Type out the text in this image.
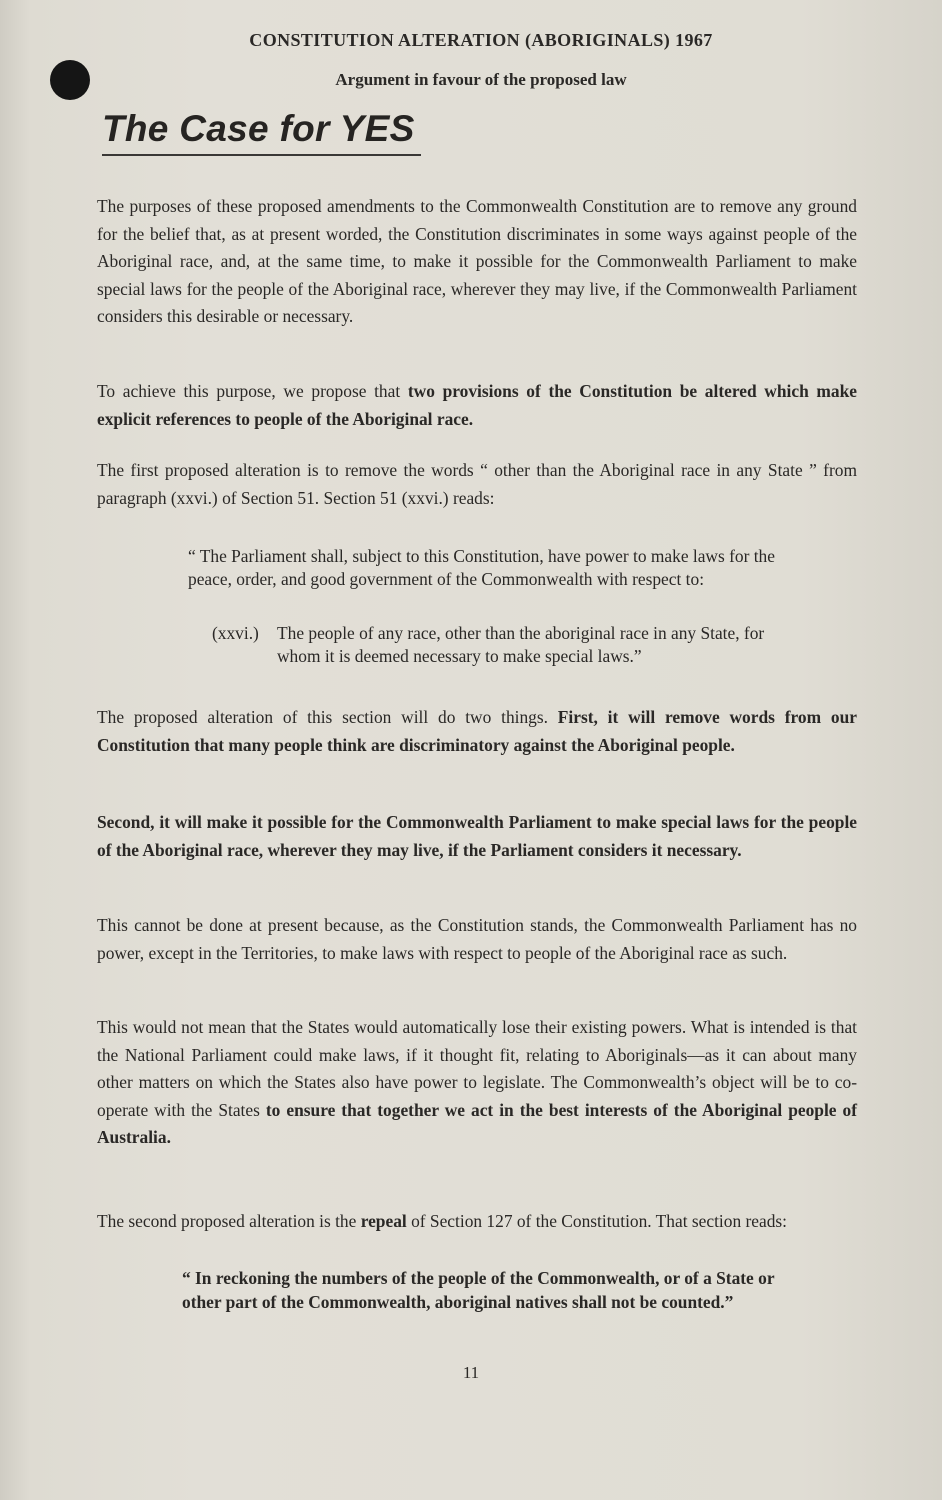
CONSTITUTION ALTERATION (ABORIGINALS) 1967
Argument in favour of the proposed law
The Case for YES

The purposes of these proposed amendments to the Commonwealth Constitution are to remove any ground for the belief that, as at present worded, the Constitution discriminates in some ways against people of the Aboriginal race, and, at the same time, to make it possible for the Commonwealth Parliament to make special laws for the people of the Aboriginal race, wherever they may live, if the Commonwealth Parliament considers this desirable or necessary.

To achieve this purpose, we propose that two provisions of the Constitution be altered which make explicit references to people of the Aboriginal race.

The first proposed alteration is to remove the words “ other than the Aboriginal race in any State ” from paragraph (xxvi.) of Section 51. Section 51 (xxvi.) reads:

“ The Parliament shall, subject to this Constitution, have power to make laws for the peace, order, and good government of the Commonwealth with respect to:

(xxvi.) The people of any race, other than the aboriginal race in any State, for whom it is deemed necessary to make special laws.”

The proposed alteration of this section will do two things. First, it will remove words from our Constitution that many people think are discriminatory against the Aboriginal people.

Second, it will make it possible for the Commonwealth Parliament to make special laws for the people of the Aboriginal race, wherever they may live, if the Parliament considers it necessary.

This cannot be done at present because, as the Constitution stands, the Commonwealth Parliament has no power, except in the Territories, to make laws with respect to people of the Aboriginal race as such.

This would not mean that the States would automatically lose their existing powers. What is intended is that the National Parliament could make laws, if it thought fit, relating to Aboriginals—as it can about many other matters on which the States also have power to legislate. The Commonwealth’s object will be to co-operate with the States to ensure that together we act in the best interests of the Aboriginal people of Australia.

The second proposed alteration is the repeal of Section 127 of the Constitution. That section reads:

“ In reckoning the numbers of the people of the Commonwealth, or of a State or other part of the Commonwealth, aboriginal natives shall not be counted.”

11
